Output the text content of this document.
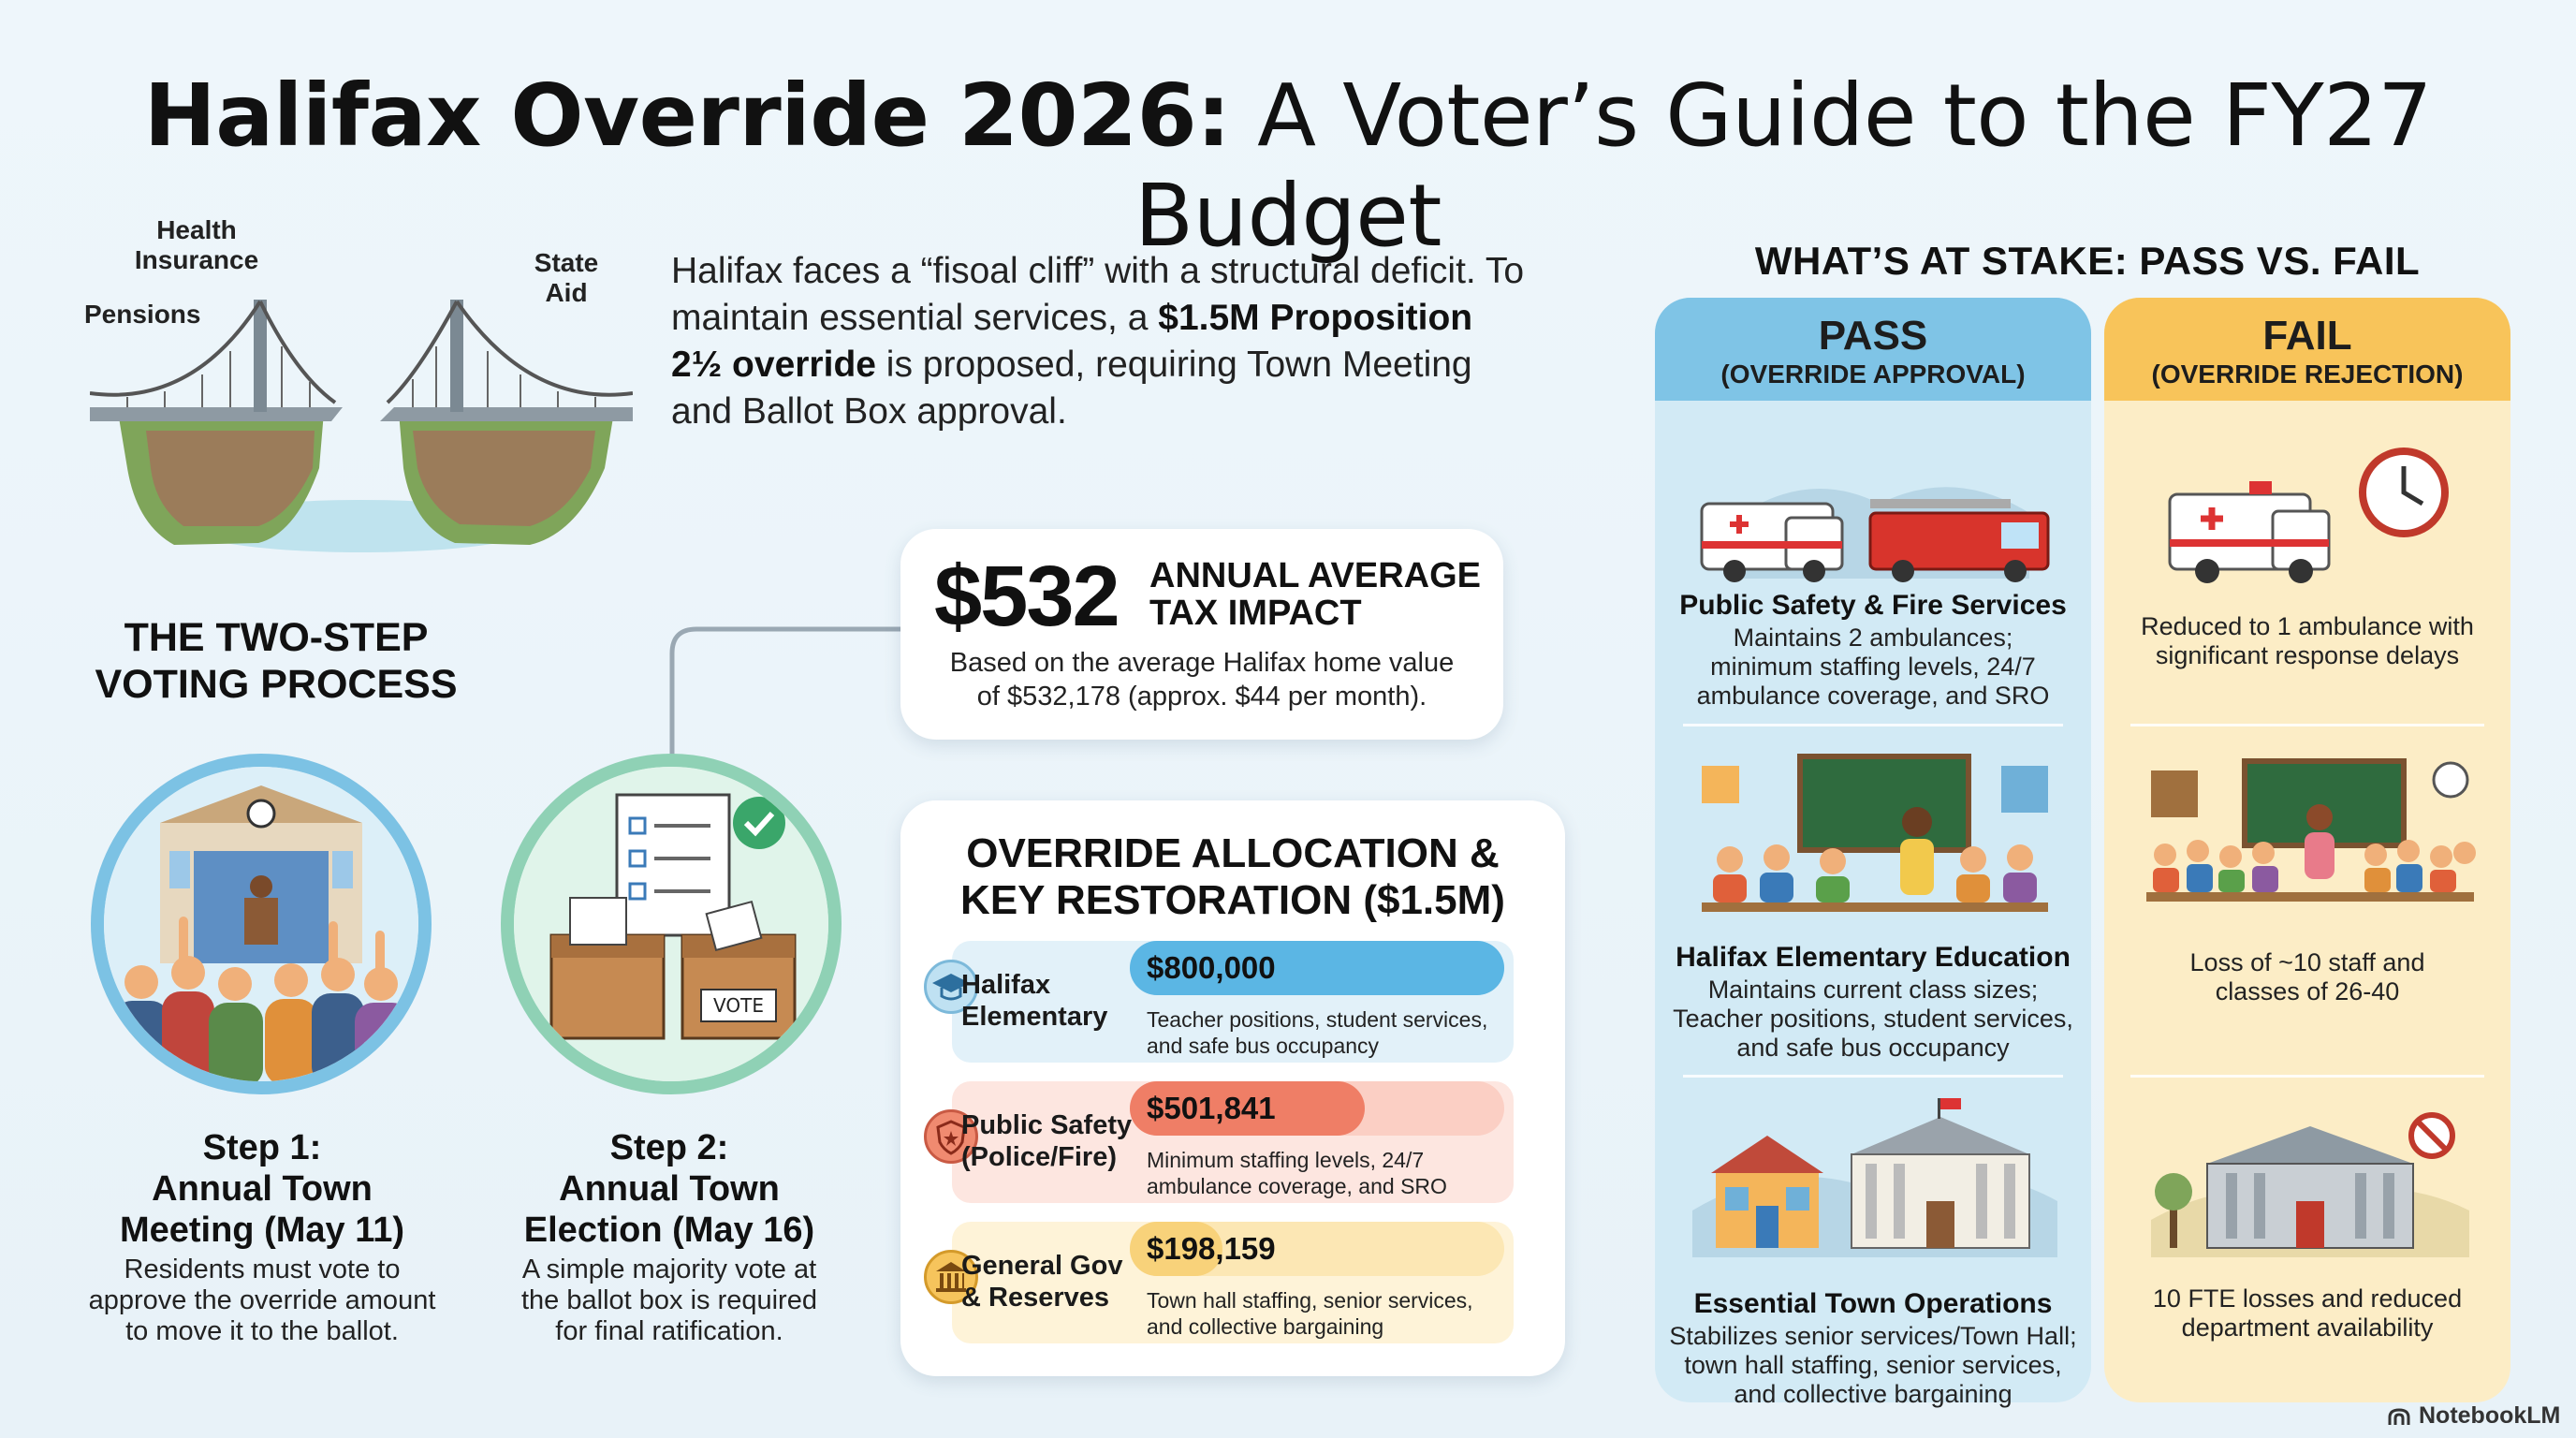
Halifax Override 2026: A Voter’s Guide to the FY27 Budget
Health
Insurance
Pensions
State
Aid
Halifax faces a “fisoal cliff” with a structural deficit. To maintain essential services, a $1.5M Proposition 2½ override is proposed, requiring Town Meeting and Ballot Box approval.
THE TWO-STEP
VOTING PROCESS
VOTE
Step 1:
Annual Town
Meeting (May 11)
Residents must vote to
approve the override amount
to move it to the ballot.
Step 2:
Annual Town
Election (May 16)
A simple majority vote at
the ballot box is required
for final ratification.
$532 ANNUAL AVERAGE
TAX IMPACT
Based on the average Halifax home value
of $532,178 (approx. $44 per month).
OVERRIDE ALLOCATION &
KEY RESTORATION ($1.5M)
Halifax
Elementary
$800,000
Teacher positions, student services,
and safe bus occupancy
Public Safety
(Police/Fire)
$501,841
Minimum staffing levels, 24/7
ambulance coverage, and SRO
General Gov
& Reserves
$198,159
Town hall staffing, senior services,
and collective bargaining
WHAT’S AT STAKE: PASS VS. FAIL
PASS
(OVERRIDE APPROVAL)
Public Safety & Fire Services
Maintains 2 ambulances;
minimum staffing levels, 24/7
ambulance coverage, and SRO
Halifax Elementary Education
Maintains current class sizes;
Teacher positions, student services,
and safe bus occupancy
Essential Town Operations
Stabilizes senior services/Town Hall;
town hall staffing, senior services,
and collective bargaining
FAIL
(OVERRIDE REJECTION)
Reduced to 1 ambulance with
significant response delays
Loss of ~10 staff and
classes of 26-40
10 FTE losses and reduced
department availability
NotebookLM
